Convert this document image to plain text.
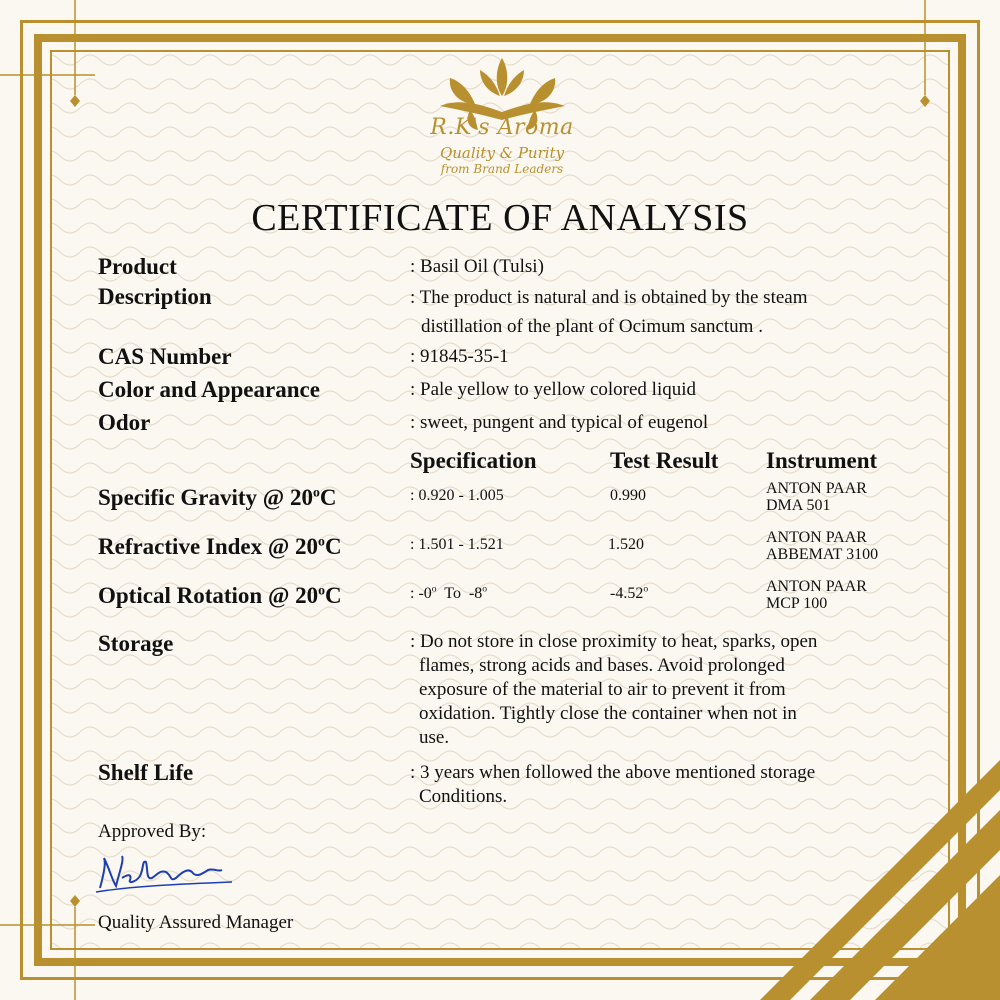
R.K's Aroma
Quality & Purity
from Brand Leaders
CERTIFICATE OF ANALYSIS
Product	: Basil Oil (Tulsi)
Description	: The product is natural and is obtained by the steam
distillation of the plant of Ocimum sanctum .
CAS Number	: 91845-35-1
Color and Appearance	: Pale yellow to yellow colored liquid
Odor	: sweet, pungent and typical of eugenol
Specification	Test Result Instrument
Specific Gravity @ 20$^o$C	: 0.920 - 1.005	0.990	ANTON PAAR
DMA 501
Refractive Index @ 20$^o$C	: 1.501 - 1.521	1.520	ANTON PAAR
ABBEMAT 3100
Optical Rotation @ 20$^o$C	: -0$^o$  To  -8$^o$	-4.52$^o$	ANTON PAAR
MCP 100
Storage	: Do not store in close proximity to heat, sparks, open
flames, strong acids and bases. Avoid prolonged
exposure of the material to air to prevent it from
oxidation. Tightly close the container when not in
use.
Shelf Life	: 3 years when followed the above mentioned storage
Conditions.
Approved By:
Quality Assured Manager
